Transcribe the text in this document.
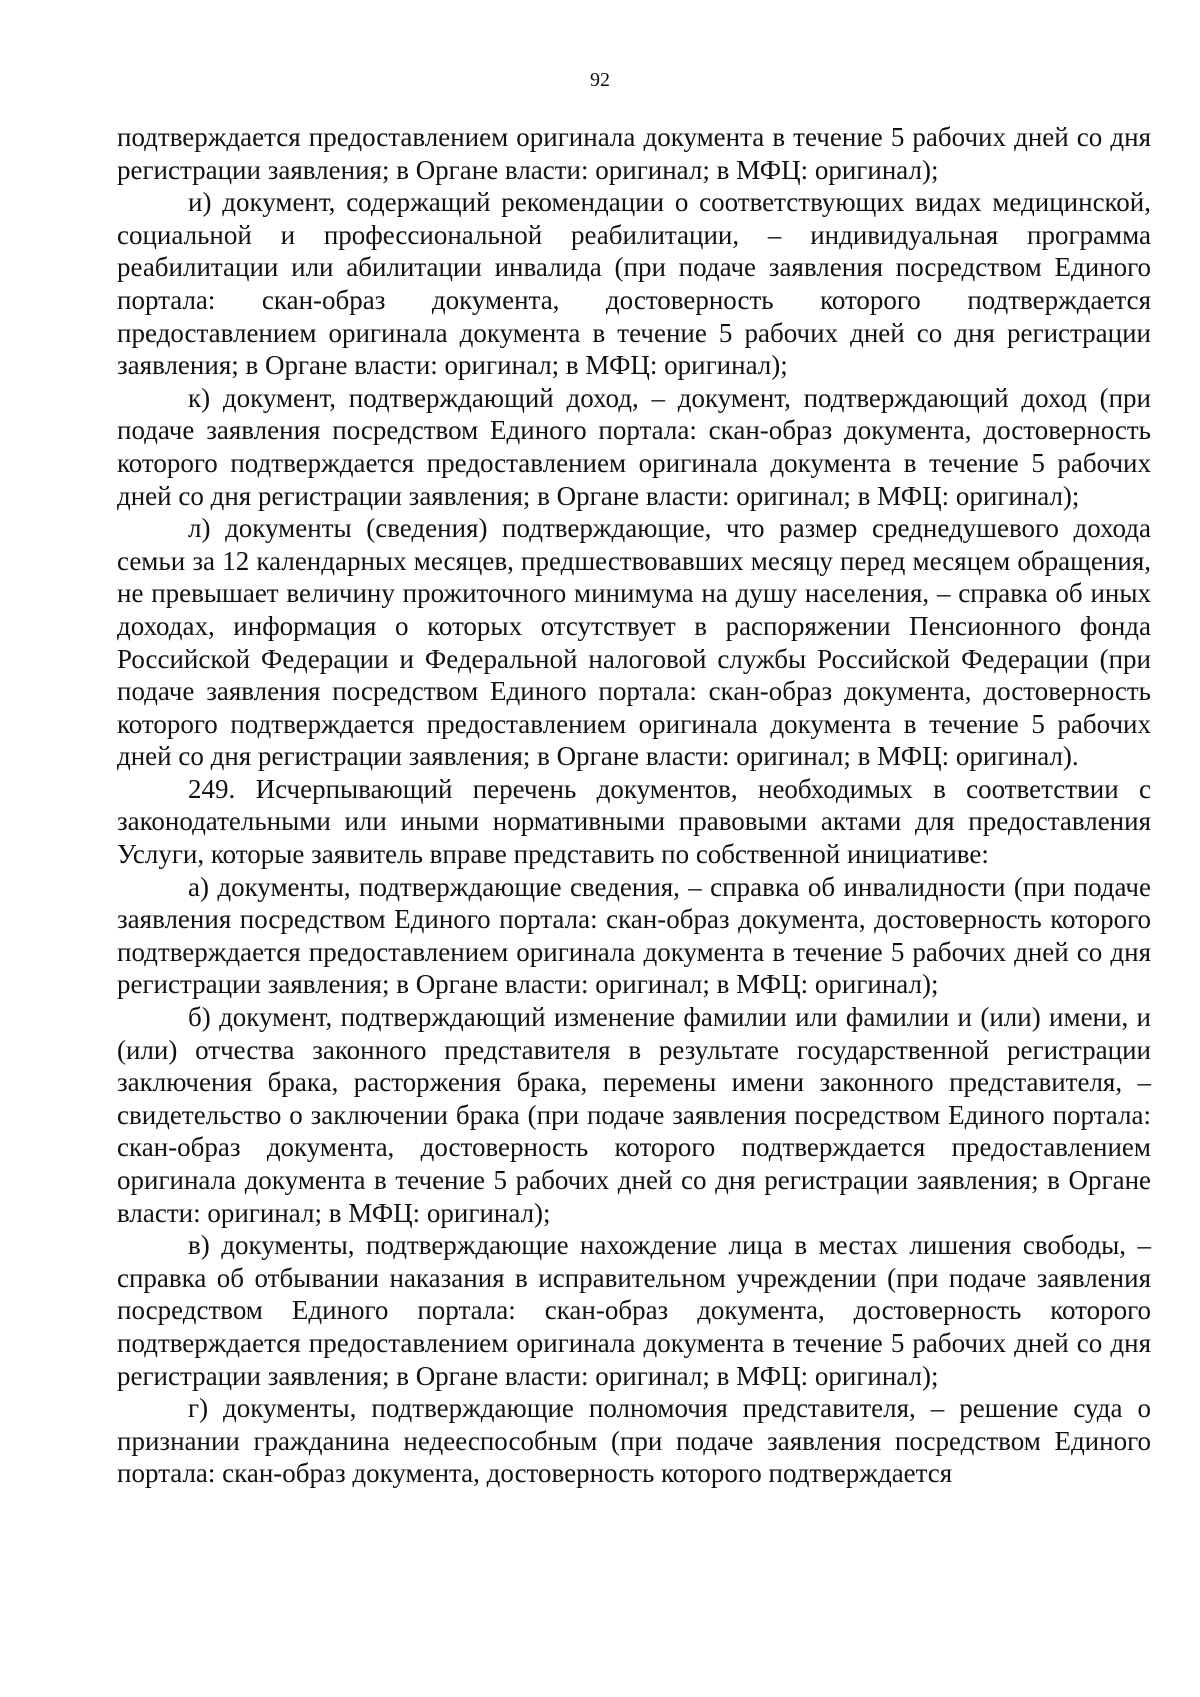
92

подтверждается предоставлением оригинала документа в течение 5 рабочих дней со дня регистрации заявления; в Органе власти: оригинал; в МФЦ: оригинал);

и) документ, содержащий рекомендации о соответствующих видах медицинской, социальной и профессиональной реабилитации, – индивидуальная программа реабилитации или абилитации инвалида (при подаче заявления посредством Единого портала: скан-образ документа, достоверность которого подтверждается предоставлением оригинала документа в течение 5 рабочих дней со дня регистрации заявления; в Органе власти: оригинал; в МФЦ: оригинал);

к) документ, подтверждающий доход, – документ, подтверждающий доход (при подаче заявления посредством Единого портала: скан-образ документа, достоверность которого подтверждается предоставлением оригинала документа в течение 5 рабочих дней со дня регистрации заявления; в Органе власти: оригинал; в МФЦ: оригинал);

л) документы (сведения) подтверждающие, что размер среднедушевого дохода семьи за 12 календарных месяцев, предшествовавших месяцу перед месяцем обращения, не превышает величину прожиточного минимума на душу населения, – справка об иных доходах, информация о которых отсутствует в распоряжении Пенсионного фонда Российской Федерации и Федеральной налоговой службы Российской Федерации (при подаче заявления посредством Единого портала: скан-образ документа, достоверность которого подтверждается предоставлением оригинала документа в течение 5 рабочих дней со дня регистрации заявления; в Органе власти: оригинал; в МФЦ: оригинал).

249. Исчерпывающий перечень документов, необходимых в соответствии с законодательными или иными нормативными правовыми актами для предоставления Услуги, которые заявитель вправе представить по собственной инициативе:

а) документы, подтверждающие сведения, – справка об инвалидности (при подаче заявления посредством Единого портала: скан-образ документа, достоверность которого подтверждается предоставлением оригинала документа в течение 5 рабочих дней со дня регистрации заявления; в Органе власти: оригинал; в МФЦ: оригинал);

б) документ, подтверждающий изменение фамилии или фамилии и (или) имени, и (или) отчества законного представителя в результате государственной регистрации заключения брака, расторжения брака, перемены имени законного представителя, – свидетельство о заключении брака (при подаче заявления посредством Единого портала: скан-образ документа, достоверность которого подтверждается предоставлением оригинала документа в течение 5 рабочих дней со дня регистрации заявления; в Органе власти: оригинал; в МФЦ: оригинал);

в) документы, подтверждающие нахождение лица в местах лишения свободы, – справка об отбывании наказания в исправительном учреждении (при подаче заявления посредством Единого портала: скан-образ документа, достоверность которого подтверждается предоставлением оригинала документа в течение 5 рабочих дней со дня регистрации заявления; в Органе власти: оригинал; в МФЦ: оригинал);

г) документы, подтверждающие полномочия представителя, – решение суда о признании гражданина недееспособным (при подаче заявления посредством Единого портала: скан-образ документа, достоверность которого подтверждается
